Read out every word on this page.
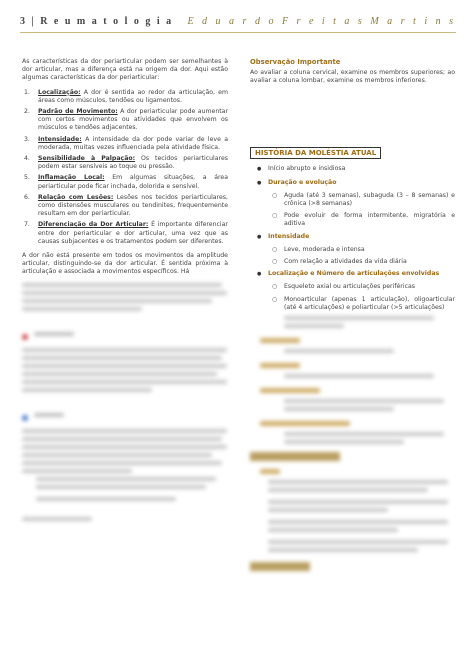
3 | R e u m a t o l o g i a E d u a r d o F r e i t a s M a r t i n s

As características da dor periarticular podem ser semelhantes à dor articular, mas a diferença está na origem da dor. Aqui estão algumas características da dor periarticular:

1. Localização: A dor é sentida ao redor da articulação, em áreas como músculos, tendões ou ligamentos.
2. Padrão de Movimento: A dor periarticular pode aumentar com certos movimentos ou atividades que envolvem os músculos e tendões adjacentes.
3. Intensidade: A intensidade da dor pode variar de leve a moderada, muitas vezes influenciada pela atividade física.
4. Sensibilidade à Palpação: Os tecidos periarticulares podem estar sensíveis ao toque ou pressão.
5. Inflamação Local: Em algumas situações, a área periarticular pode ficar inchada, dolorida e sensível.
6. Relação com Lesões: Lesões nos tecidos periarticulares, como distensões musculares ou tendinites, frequentemente resultam em dor periarticular.
7. Diferenciação da Dor Articular: É importante diferenciar entre dor periarticular e dor articular, uma vez que as causas subjacentes e os tratamentos podem ser diferentes.

A dor não está presente em todos os movimentos da amplitude articular, distinguindo-se da dor articular. É sentida próxima à articulação e associada a movimentos específicos. Há

Observação Importante

Ao avaliar a coluna cervical, examine os membros superiores; ao avaliar a coluna lombar, examine os membros inferiores.

HISTÓRIA DA MOLÉSTIA ATUAL
● Início abrupto e insidiosa
● Duração e evolução
○ Aguda (até 3 semanas), subaguda (3 – 8 semanas) e crônica (>8 semanas)
○ Pode evoluir de forma intermitente, migratória e aditiva
● Intensidade
○ Leve, moderada e intensa
○ Com relação a atividades da vida diária
● Localização e Número de articulações envolvidas
○ Esqueleto axial ou articulações periféricas
○ Monoarticular (apenas 1 articulação), oligoarticular (até 4 articulações) e poliarticular (>5 articulações)
